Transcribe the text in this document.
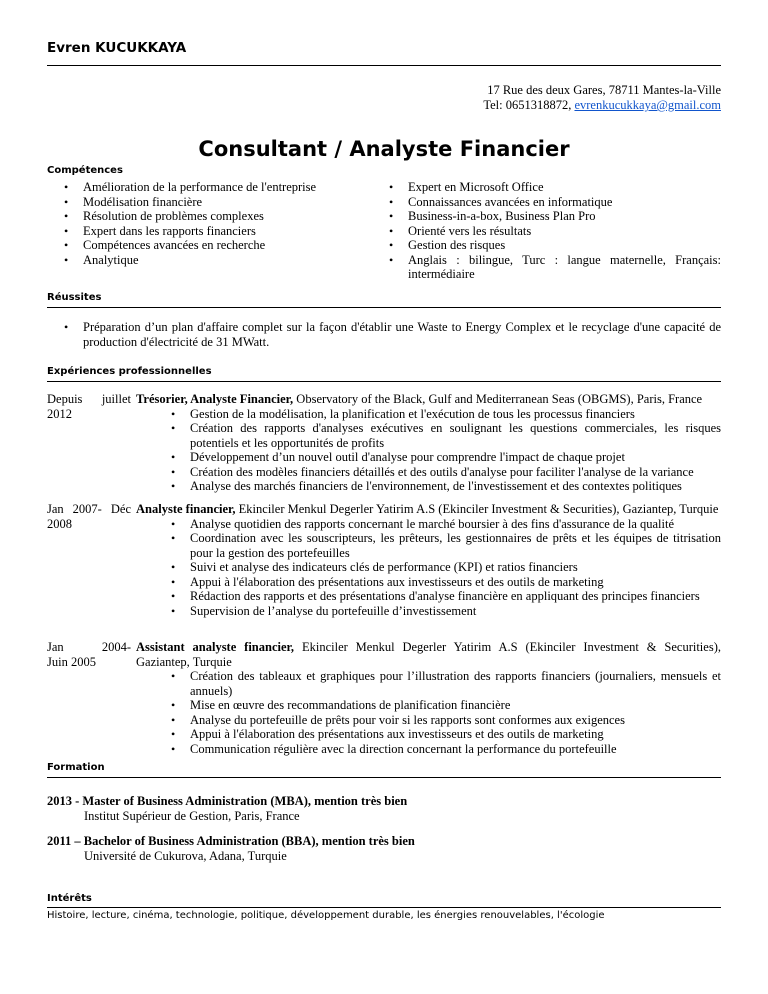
Evren KUCUKKAYA
17 Rue des deux Gares, 78711 Mantes-la-Ville
Tel: 0651318872, evrenkucukkaya@gmail.com
Consultant / Analyste Financier
Compétences
• Amélioration de la performance de l'entreprise
• Modélisation financière
• Résolution de problèmes complexes
• Expert dans les rapports financiers
• Compétences avancées en recherche
• Analytique
• Expert en Microsoft Office
• Connaissances avancées en informatique
• Business-in-a-box, Business Plan Pro
• Orienté vers les résultats
• Gestion des risques
• Anglais : bilingue, Turc : langue maternelle, Français: intermédiaire
Réussites
• Préparation d’un plan d'affaire complet sur la façon d'établir une Waste to Energy Complex et le recyclage d'une capacité de production d'électricité de 31 MWatt.
Expériences professionnelles
Depuis juillet
2012
Trésorier, Analyste Financier, Observatory of the Black, Gulf and Mediterranean Seas (OBGMS), Paris, France
• Gestion de la modélisation, la planification et l'exécution de tous les processus financiers
• Création des rapports d'analyses exécutives en soulignant les questions commerciales, les risques potentiels et les opportunités de profits
• Développement d’un nouvel outil d'analyse pour comprendre l'impact de chaque projet
• Création des modèles financiers détaillés et des outils d'analyse pour faciliter l'analyse de la variance
• Analyse des marchés financiers de l'environnement, de l'investissement et des contextes politiques
Jan 2007- Déc
2008
Analyste financier, Ekinciler Menkul Degerler Yatirim A.S (Ekinciler Investment & Securities), Gaziantep, Turquie
• Analyse quotidien des rapports concernant le marché boursier à des fins d'assurance de la qualité
• Coordination avec les souscripteurs, les prêteurs, les gestionnaires de prêts et les équipes de titrisation pour la gestion des portefeuilles
• Suivi et analyse des indicateurs clés de performance (KPI) et ratios financiers
• Appui à l'élaboration des présentations aux investisseurs et des outils de marketing
• Rédaction des rapports et des présentations d'analyse financière en appliquant des principes financiers
• Supervision de l’analyse du portefeuille d’investissement
Jan 2004-
Juin 2005
Assistant analyste financier, Ekinciler Menkul Degerler Yatirim A.S (Ekinciler Investment & Securities), Gaziantep, Turquie
• Création des tableaux et graphiques pour l’illustration des rapports financiers (journaliers, mensuels et annuels)
• Mise en œuvre des recommandations de planification financière
• Analyse du portefeuille de prêts pour voir si les rapports sont conformes aux exigences
• Appui à l'élaboration des présentations aux investisseurs et des outils de marketing
• Communication régulière avec la direction concernant la performance du portefeuille
Formation
2013 - Master of Business Administration (MBA), mention très bien
Institut Supérieur de Gestion, Paris, France
2011 – Bachelor of Business Administration (BBA), mention très bien
Université de Cukurova, Adana, Turquie
Intérêts
Histoire, lecture, cinéma, technologie, politique, développement durable, les énergies renouvelables, l'écologie
